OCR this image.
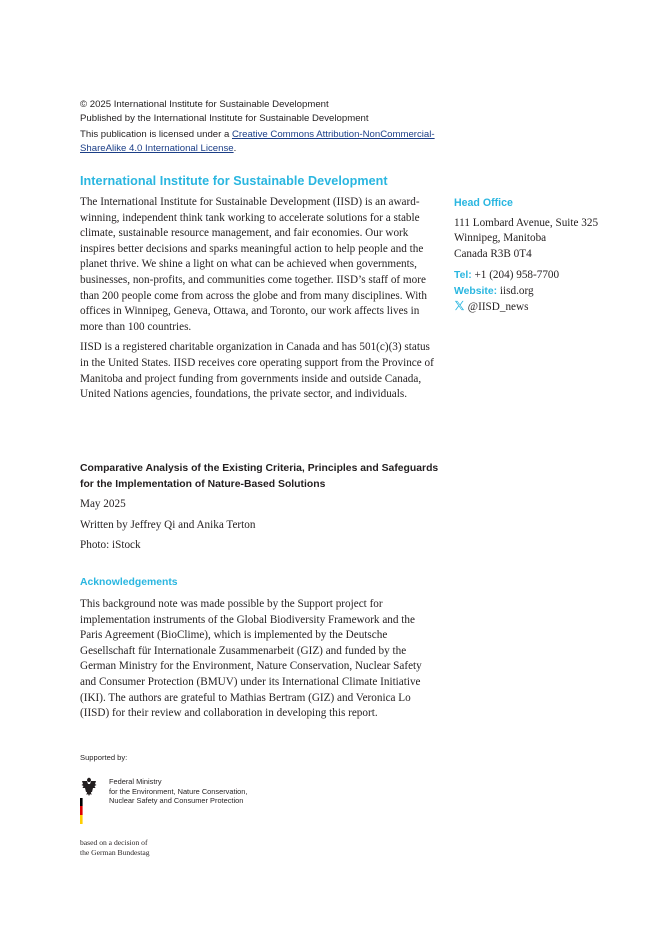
© 2025 International Institute for Sustainable Development

Published by the International Institute for Sustainable Development

This publication is licensed under a Creative Commons Attribution-NonCommercial-ShareAlike 4.0 International License.

International Institute for Sustainable Development

The International Institute for Sustainable Development (IISD) is an award-winning, independent think tank working to accelerate solutions for a stable climate, sustainable resource management, and fair economies. Our work inspires better decisions and sparks meaningful action to help people and the planet thrive. We shine a light on what can be achieved when governments, businesses, non-profits, and communities come together. IISD’s staff of more than 200 people come from across the globe and from many disciplines. With offices in Winnipeg, Geneva, Ottawa, and Toronto, our work affects lives in more than 100 countries.

IISD is a registered charitable organization in Canada and has 501(c)(3) status in the United States. IISD receives core operating support from the Province of Manitoba and project funding from governments inside and outside Canada, United Nations agencies, foundations, the private sector, and individuals.

Head Office
111 Lombard Avenue, Suite 325
Winnipeg, Manitoba
Canada R3B 0T4
Tel: +1 (204) 958-7700
Website: iisd.org
@IISD_news
Comparative Analysis of the Existing Criteria, Principles and Safeguards for the Implementation of Nature-Based Solutions
May 2025
Written by Jeffrey Qi and Anika Terton
Photo: iStock
Acknowledgements

This background note was made possible by the Support project for implementation instruments of the Global Biodiversity Framework and the Paris Agreement (BioClime), which is implemented by the Deutsche Gesellschaft für Internationale Zusammenarbeit (GIZ) and funded by the German Ministry for the Environment, Nature Conservation, Nuclear Safety and Consumer Protection (BMUV) under its International Climate Initiative (IKI). The authors are grateful to Mathias Bertram (GIZ) and Veronica Lo (IISD) for their review and collaboration in developing this report.

Supported by:
Federal Ministry
for the Environment, Nature Conservation,
Nuclear Safety and Consumer Protection
based on a decision of
the German Bundestag
